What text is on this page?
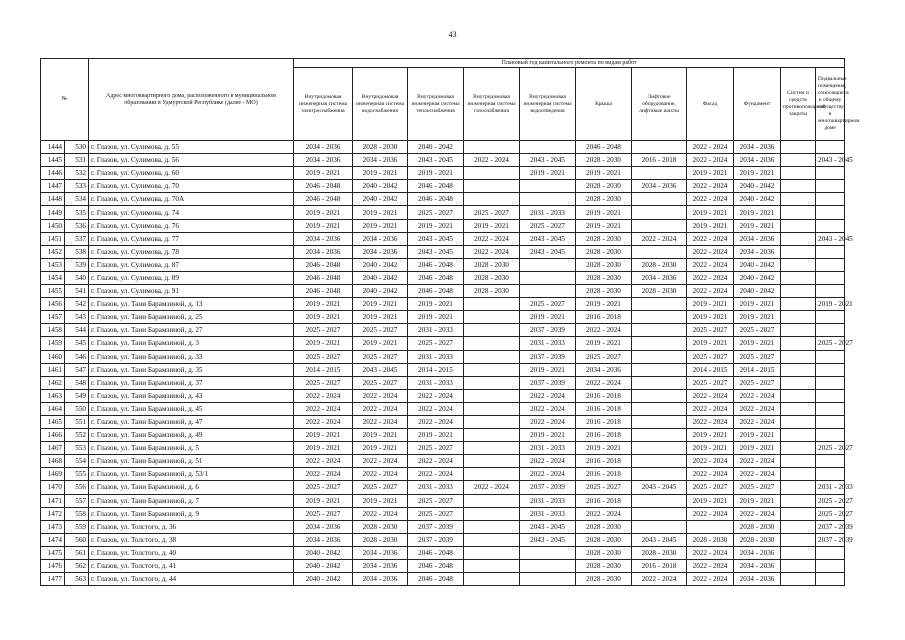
43
№		Адрес многоквартирного дома, расположенного в муниципальном образовании в Удмуртской Республике (далее - МО)	Плановый год капитального ремонта по видам работ										
			Внутридомовая инженерная система электроснабжения	Внутридомовая инженерная система водоснабжения	Внутридомовая инженерная система теплоснабжения	Внутридомовая инженерная система газоснабжения	Внутридомовая инженерная система водоотведения	Крыша	Лифтовое оборудование, лифтовые шахты	Фасад	Фундамент	Систем и средств противопожарной защиты	Подвальные помещения, относящиеся к общему имуществу в многоквартирном доме
1444	530	г. Глазов, ул. Сулимова, д. 55	2034 - 2036	2028 - 2030	2040 - 2042			2046 - 2048		2022 - 2024	2034 - 2036		
1445	531	г. Глазов, ул. Сулимова, д. 56	2034 - 2036	2034 - 2036	2043 - 2045	2022 - 2024	2043 - 2045	2028 - 2030	2016 - 2018	2022 - 2024	2034 - 2036		2043 - 2045
1446	532	г. Глазов, ул. Сулимова, д. 60	2019 - 2021	2019 - 2021	2019 - 2021		2019 - 2021	2019 - 2021		2019 - 2021	2019 - 2021		
1447	533	г. Глазов, ул. Сулимова, д. 70	2046 - 2048	2040 - 2042	2046 - 2048			2028 - 2030	2034 - 2036	2022 - 2024	2040 - 2042		
1448	534	г. Глазов, ул. Сулимова, д. 70А	2046 - 2048	2040 - 2042	2046 - 2048			2028 - 2030		2022 - 2024	2040 - 2042		
1449	535	г. Глазов, ул. Сулимова, д. 74	2019 - 2021	2019 - 2021	2025 - 2027	2025 - 2027	2031 - 2033	2019 - 2021		2019 - 2021	2019 - 2021		
1450	536	г. Глазов, ул. Сулимова, д. 76	2019 - 2021	2019 - 2021	2019 - 2021	2019 - 2021	2025 - 2027	2019 - 2021		2019 - 2021	2019 - 2021		
1451	537	г. Глазов, ул. Сулимова, д. 77	2034 - 2036	2034 - 2036	2043 - 2045	2022 - 2024	2043 - 2045	2028 - 2030	2022 - 2024	2022 - 2024	2034 - 2036		2043 - 2045
1452	538	г. Глазов, ул. Сулимова, д. 78	2034 - 2036	2034 - 2036	2043 - 2045	2022 - 2024	2043 - 2045	2028 - 2030		2022 - 2024	2034 - 2036		
1453	539	г. Глазов, ул. Сулимова, д. 87	2046 - 2048	2040 - 2042	2046 - 2048	2028 - 2030		2028 - 2030	2028 - 2030	2022 - 2024	2040 - 2042		
1454	540	г. Глазов, ул. Сулимова, д. 89	2046 - 2048	2040 - 2042	2046 - 2048	2028 - 2030		2028 - 2030	2034 - 2036	2022 - 2024	2040 - 2042		
1455	541	г. Глазов, ул. Сулимова, д. 91	2046 - 2048	2040 - 2042	2046 - 2048	2028 - 2030		2028 - 2030	2028 - 2030	2022 - 2024	2040 - 2042		
1456	542	г. Глазов, ул. Тани Барамзиной, д. 13	2019 - 2021	2019 - 2021	2019 - 2021		2025 - 2027	2019 - 2021		2019 - 2021	2019 - 2021		2019 - 2021
1457	543	г. Глазов, ул. Тани Барамзиной, д. 25	2019 - 2021	2019 - 2021	2019 - 2021		2019 - 2021	2016 - 2018		2019 - 2021	2019 - 2021		
1458	544	г. Глазов, ул. Тани Барамзиной, д. 27	2025 - 2027	2025 - 2027	2031 - 2033		2037 - 2039	2022 - 2024		2025 - 2027	2025 - 2027		
1459	545	г. Глазов, ул. Тани Барамзиной, д. 3	2019 - 2021	2019 - 2021	2025 - 2027		2031 - 2033	2019 - 2021		2019 - 2021	2019 - 2021		2025 - 2027
1460	546	г. Глазов, ул. Тани Барамзиной, д. 33	2025 - 2027	2025 - 2027	2031 - 2033		2037 - 2039	2025 - 2027		2025 - 2027	2025 - 2027		
1461	547	г. Глазов, ул. Тани Барамзиной, д. 35	2014 - 2015	2043 - 2045	2014 - 2015		2019 - 2021	2034 - 2036		2014 - 2015	2014 - 2015		
1462	548	г. Глазов, ул. Тани Барамзиной, д. 37	2025 - 2027	2025 - 2027	2031 - 2033		2037 - 2039	2022 - 2024		2025 - 2027	2025 - 2027		
1463	549	г. Глазов, ул. Тани Барамзиной, д. 43	2022 - 2024	2022 - 2024	2022 - 2024		2022 - 2024	2016 - 2018		2022 - 2024	2022 - 2024		
1464	550	г. Глазов, ул. Тани Барамзиной, д. 45	2022 - 2024	2022 - 2024	2022 - 2024		2022 - 2024	2016 - 2018		2022 - 2024	2022 - 2024		
1465	551	г. Глазов, ул. Тани Барамзиной, д. 47	2022 - 2024	2022 - 2024	2022 - 2024		2022 - 2024	2016 - 2018		2022 - 2024	2022 - 2024		
1466	552	г. Глазов, ул. Тани Барамзиной, д. 49	2019 - 2021	2019 - 2021	2019 - 2021		2019 - 2021	2016 - 2018		2019 - 2021	2019 - 2021		
1467	553	г. Глазов, ул. Тани Барамзиной, д. 5	2019 - 2021	2019 - 2021	2025 - 2027		2031 - 2033	2019 - 2021		2019 - 2021	2019 - 2021		2025 - 2027
1468	554	г. Глазов, ул. Тани Барамзиной, д. 51	2022 - 2024	2022 - 2024	2022 - 2024		2022 - 2024	2016 - 2018		2022 - 2024	2022 - 2024		
1469	555	г. Глазов, ул. Тани Барамзиной, д. 53/1	2022 - 2024	2022 - 2024	2022 - 2024		2022 - 2024	2016 - 2018		2022 - 2024	2022 - 2024		
1470	556	г. Глазов, ул. Тани Барамзиной, д. 6	2025 - 2027	2025 - 2027	2031 - 2033	2022 - 2024	2037 - 2039	2025 - 2027	2043 - 2045	2025 - 2027	2025 - 2027		2031 - 2033
1471	557	г. Глазов, ул. Тани Барамзиной, д. 7	2019 - 2021	2019 - 2021	2025 - 2027		2031 - 2033	2016 - 2018		2019 - 2021	2019 - 2021		2025 - 2027
1472	558	г. Глазов, ул. Тани Барамзиной, д. 9	2025 - 2027	2022 - 2024	2025 - 2027		2031 - 2033	2022 - 2024		2022 - 2024	2022 - 2024		2025 - 2027
1473	559	г. Глазов, ул. Толстого, д. 36	2034 - 2036	2028 - 2030	2037 - 2039		2043 - 2045	2028 - 2030			2028 - 2030		2037 - 2039
1474	560	г. Глазов, ул. Толстого, д. 38	2034 - 2036	2028 - 2030	2037 - 2039		2043 - 2045	2028 - 2030	2043 - 2045	2028 - 2030	2028 - 2030		2037 - 2039
1475	561	г. Глазов, ул. Толстого, д. 40	2040 - 2042	2034 - 2036	2046 - 2048			2028 - 2030	2028 - 2030	2022 - 2024	2034 - 2036		
1476	562	г. Глазов, ул. Толстого, д. 41	2040 - 2042	2034 - 2036	2046 - 2048			2028 - 2030	2016 - 2018	2022 - 2024	2034 - 2036		
1477	563	г. Глазов, ул. Толстого, д. 44	2040 - 2042	2034 - 2036	2046 - 2048			2028 - 2030	2022 - 2024	2022 - 2024	2034 - 2036		
